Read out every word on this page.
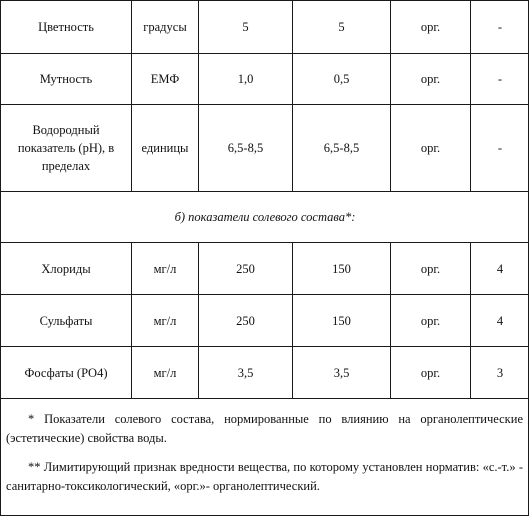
Цветность	градусы	5	5	орг.	-
Мутность	ЕМФ	1,0	0,5	орг.	-
Водородный показатель (pH), в пределах	единицы	6,5-8,5	6,5-8,5	орг.	-
б) показатели солевого состава*:					
Хлориды	мг/л	250	150	орг.	4
Сульфаты	мг/л	250	150	орг.	4
Фосфаты (PO4)	мг/л	3,5	3,5	орг.	3

* Показатели солевого состава, нормированные по влиянию на органолептические (эстетические) свойства воды.

** Лимитирующий признак вредности вещества, по которому установлен норматив: «с.-т.» - санитарно-токсикологический, «орг.»- органолептический.
